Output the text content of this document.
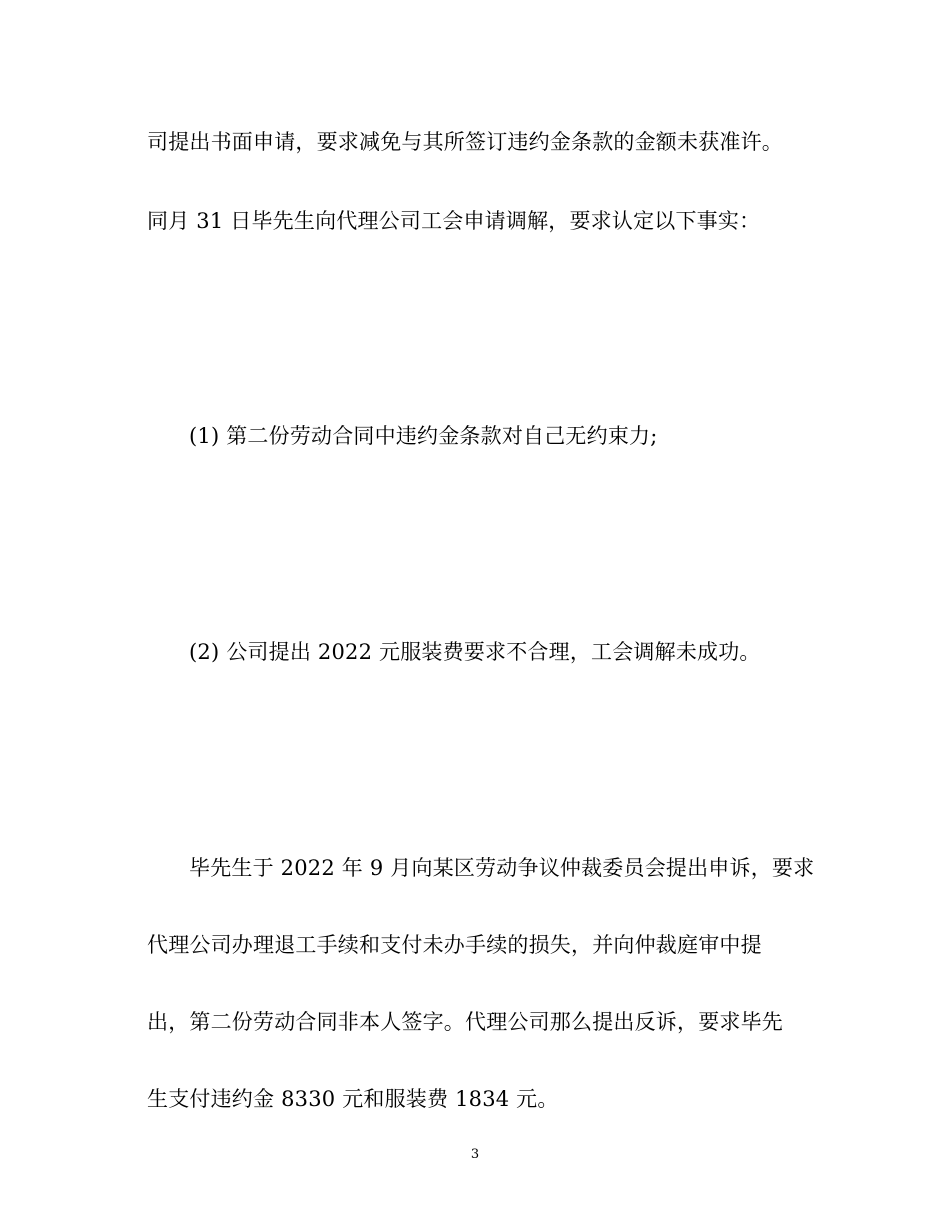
司提出书面申请，要求减免与其所签订违约金条款的金额未获准许。
同月 31 日毕先生向代理公司工会申请调解，要求认定以下事实：
(1) 第二份劳动合同中违约金条款对自己无约束力;
(2) 公司提出 2022 元服装费要求不合理，工会调解未成功。
毕先生于 2022 年 9 月向某区劳动争议仲裁委员会提出申诉，要求
代理公司办理退工手续和支付未办手续的损失，并向仲裁庭审中提
出，第二份劳动合同非本人签字。代理公司那么提出反诉，要求毕先
生支付违约金 8330 元和服装费 1834 元。
3
